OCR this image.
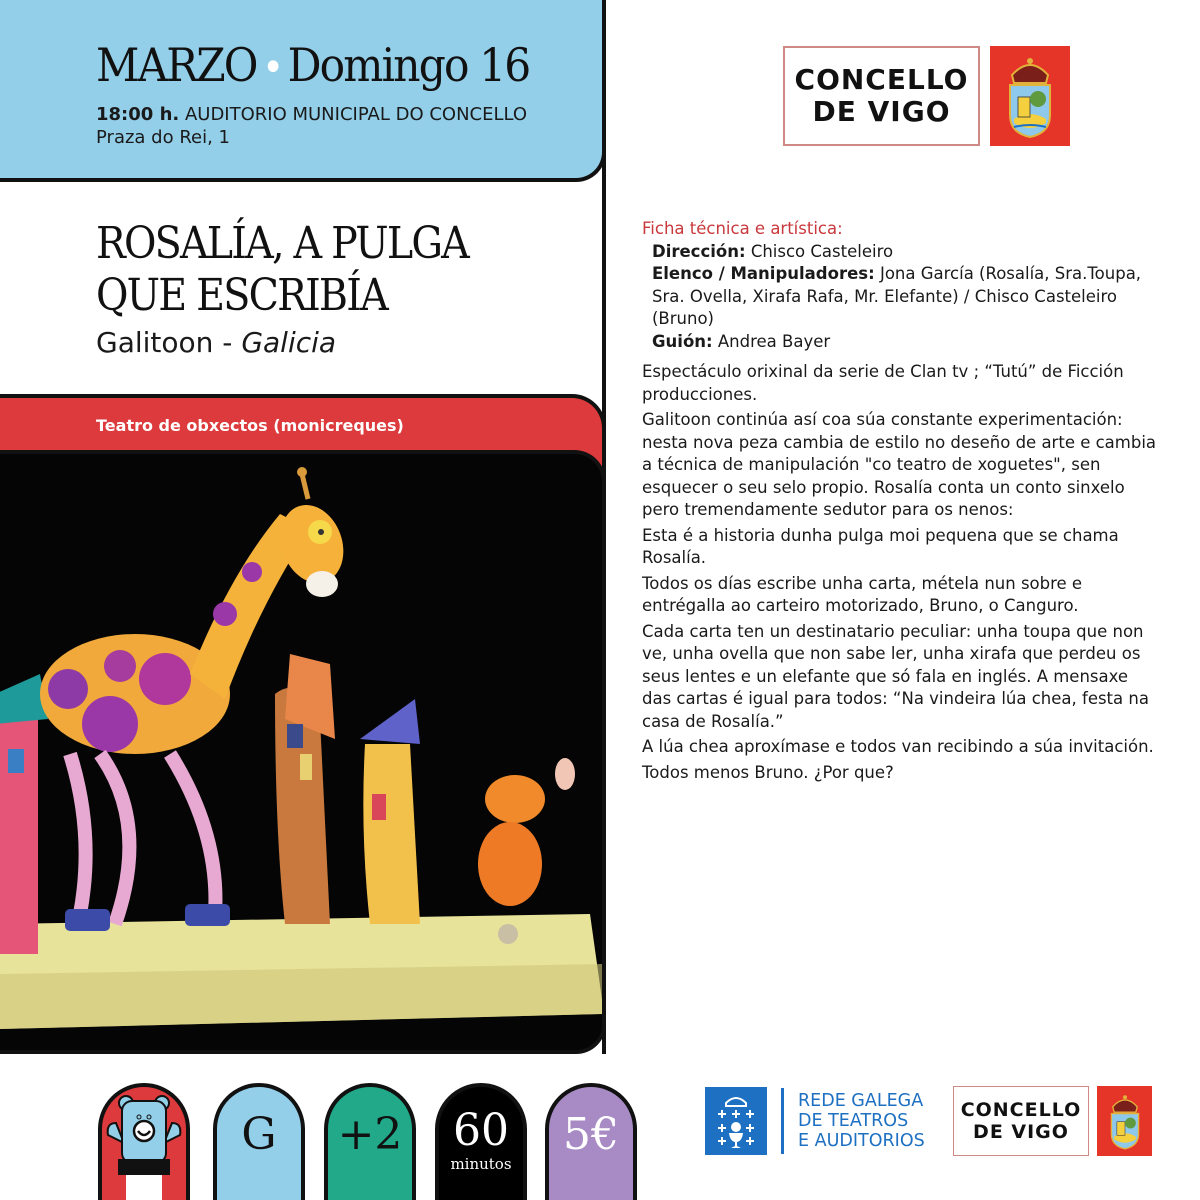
MARZO • Domingo 16
18:00 h. AUDITORIO MUNICIPAL DO CONCELLO
Praza do Rei, 1
ROSALÍA, A PULGA
QUE ESCRIBÍA
Galitoon - Galicia
Teatro de obxectos (monicreques)
CONCELLO
DE VIGO
Ficha técnica e artística:
Dirección: Chisco Casteleiro
Elenco / Manipuladores: Jona García (Rosalía, Sra.Toupa, Sra. Ovella, Xirafa Rafa, Mr. Elefante) / Chisco Casteleiro (Bruno)
Guión: Andrea Bayer

Espectáculo orixinal da serie de Clan tv ; “Tutú” de Ficción producciones.

Galitoon continúa así coa súa constante experimentación: nesta nova peza cambia de estilo no deseño de arte e cambia a técnica de manipulación "co teatro de xoguetes", sen esquecer o seu selo propio. Rosalía conta un conto sinxelo pero tremendamente sedutor para os nenos:

Esta é a historia dunha pulga moi pequena que se chama Rosalía.

Todos os días escribe unha carta, mételа nun sobre e entrégalla ao carteiro motorizado, Bruno, o Canguro.

Cada carta ten un destinatario peculiar: unha toupa que non ve, unha ovella que non sabe ler, unha xirafa que perdeu os seus lentes e un elefante que só fala en inglés. A mensaxe das cartas é igual para todos: “Na vindeira lúa chea, festa na casa de Rosalía.”

A lúa chea aproxímase e todos van recibindo a súa invitación.

Todos menos Bruno. ¿Por que?

G +2 60
minutos
5€
REDE GALEGA
DE TEATROS
E AUDITORIOS
CONCELLO
DE VIGO
